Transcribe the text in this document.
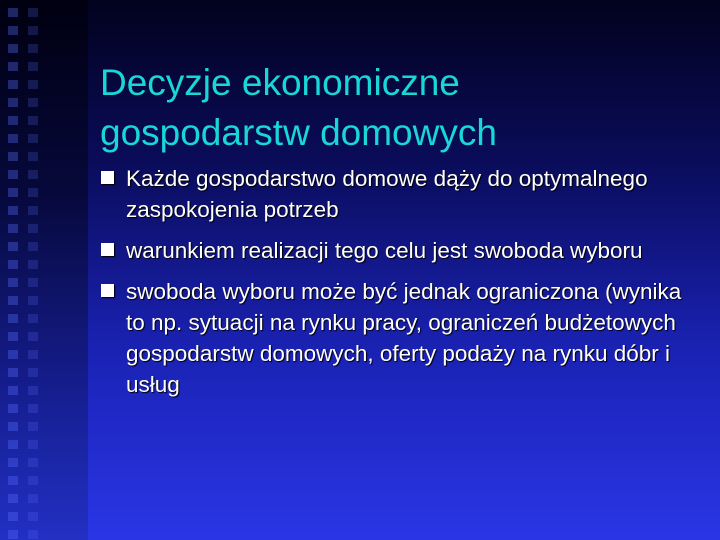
Decyzje ekonomiczne
gospodarstw domowych
Każde gospodarstwo domowe dąży do optymalnego zaspokojenia potrzeb
warunkiem realizacji tego celu jest swoboda wyboru
swoboda wyboru może być jednak ograniczona (wynika to np. sytuacji na rynku pracy, ograniczeń budżetowych gospodarstw domowych, oferty podaży na rynku dóbr i usług
